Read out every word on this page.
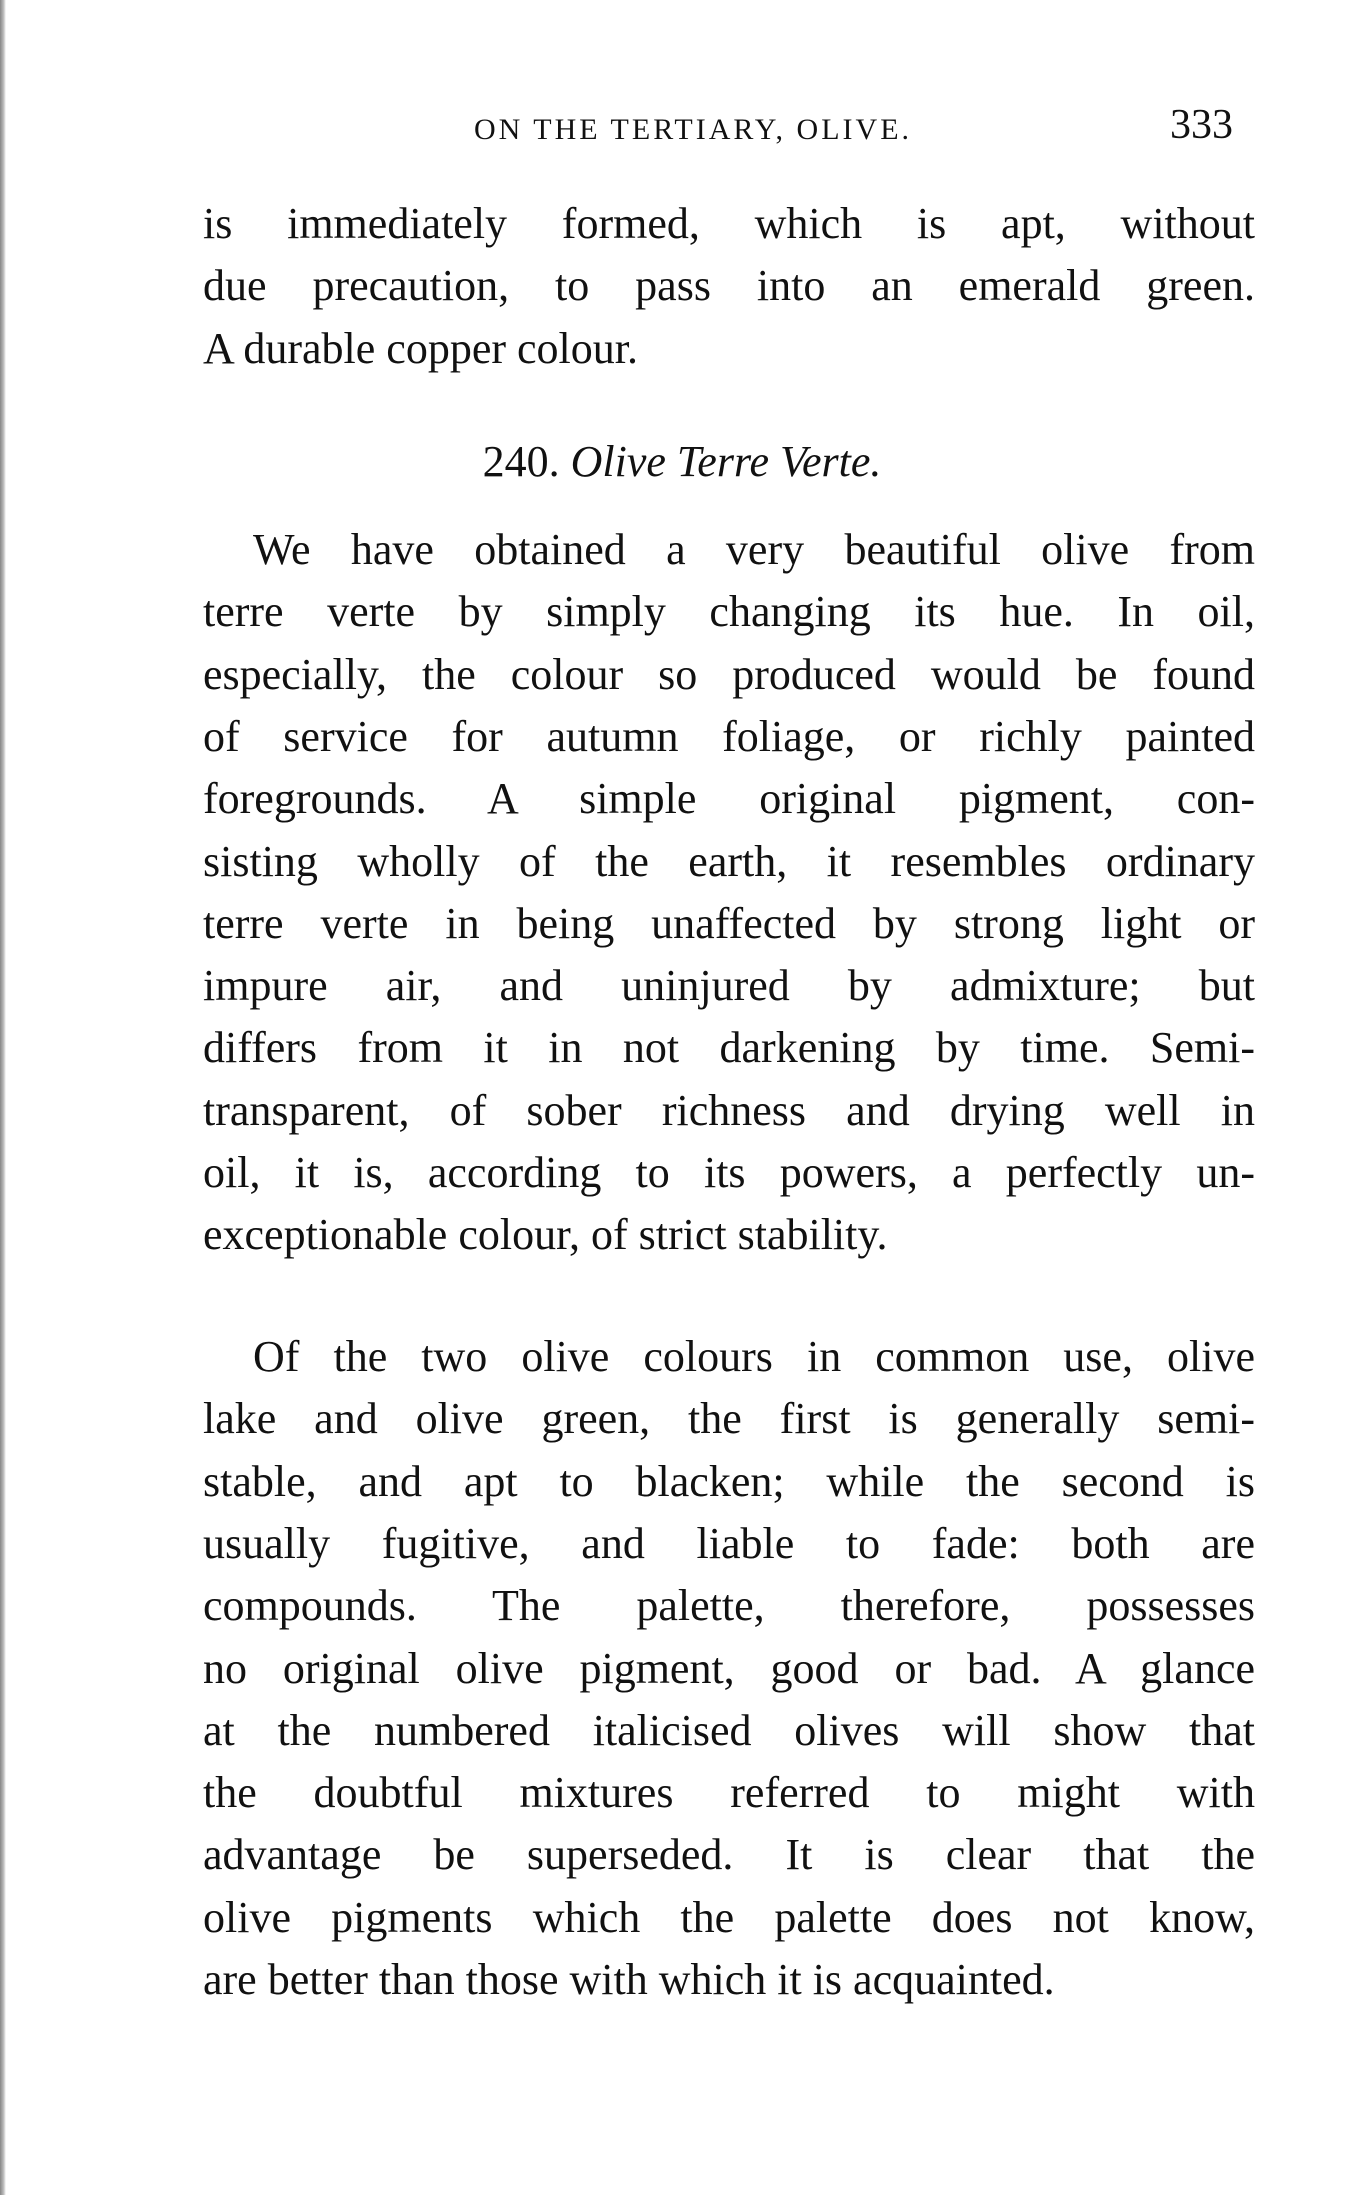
ON THE TERTIARY, OLIVE.	333
240. Olive Terre Verte.
is immediately formed, which is apt, without
due precaution, to pass into an emerald green.
A durable copper colour.
We have obtained a very beautiful olive from
terre verte by simply changing its hue. In oil,
especially, the colour so produced would be found
of service for autumn foliage, or richly painted
foregrounds. A simple original pigment, con-
sisting wholly of the earth, it resembles ordinary
terre verte in being unaffected by strong light or
impure air, and uninjured by admixture; but
differs from it in not darkening by time. Semi-
transparent, of sober richness and drying well in
oil, it is, according to its powers, a perfectly un-
exceptionable colour, of strict stability.
Of the two olive colours in common use, olive
lake and olive green, the first is generally semi-
stable, and apt to blacken; while the second is
usually fugitive, and liable to fade: both are
compounds. The palette, therefore, possesses
no original olive pigment, good or bad. A glance
at the numbered italicised olives will show that
the doubtful mixtures referred to might with
advantage be superseded. It is clear that the
olive pigments which the palette does not know,
are better than those with which it is acquainted.
